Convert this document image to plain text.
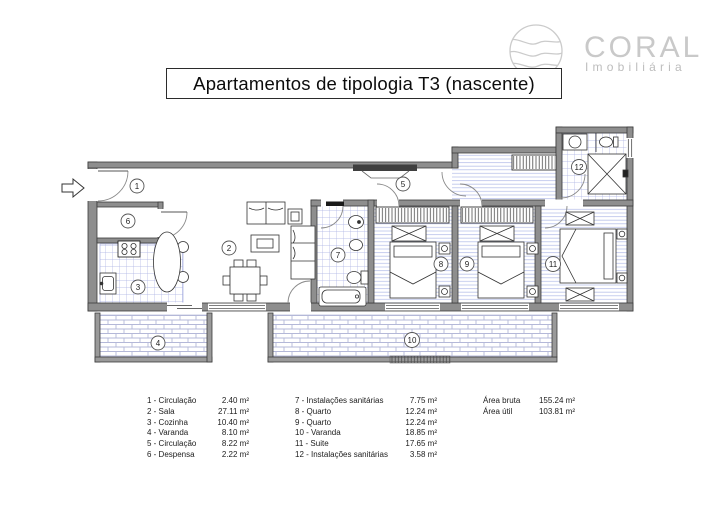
CORAL
Imobiliária
1
2
3
4
5
6
7
8	9
10
11
12
Apartamentos de tipologia T3 (nascente)
1 - Circulação	2.40 m²
2 - Sala	27.11 m²
3 - Cozinha	10.40 m²
4 - Varanda	8.10 m²
5 - Circulação	8.22 m²
6 - Despensa	2.22 m²
7 - Instalações sanitárias	7.75 m²
8 - Quarto	12.24 m²
9 - Quarto	12.24 m²
10 - Varanda	18.85 m²
11 - Suite	17.65 m²
12 - Instalações sanitárias	3.58 m²
Área bruta 155.24 m²
Área útil	103.81 m²
